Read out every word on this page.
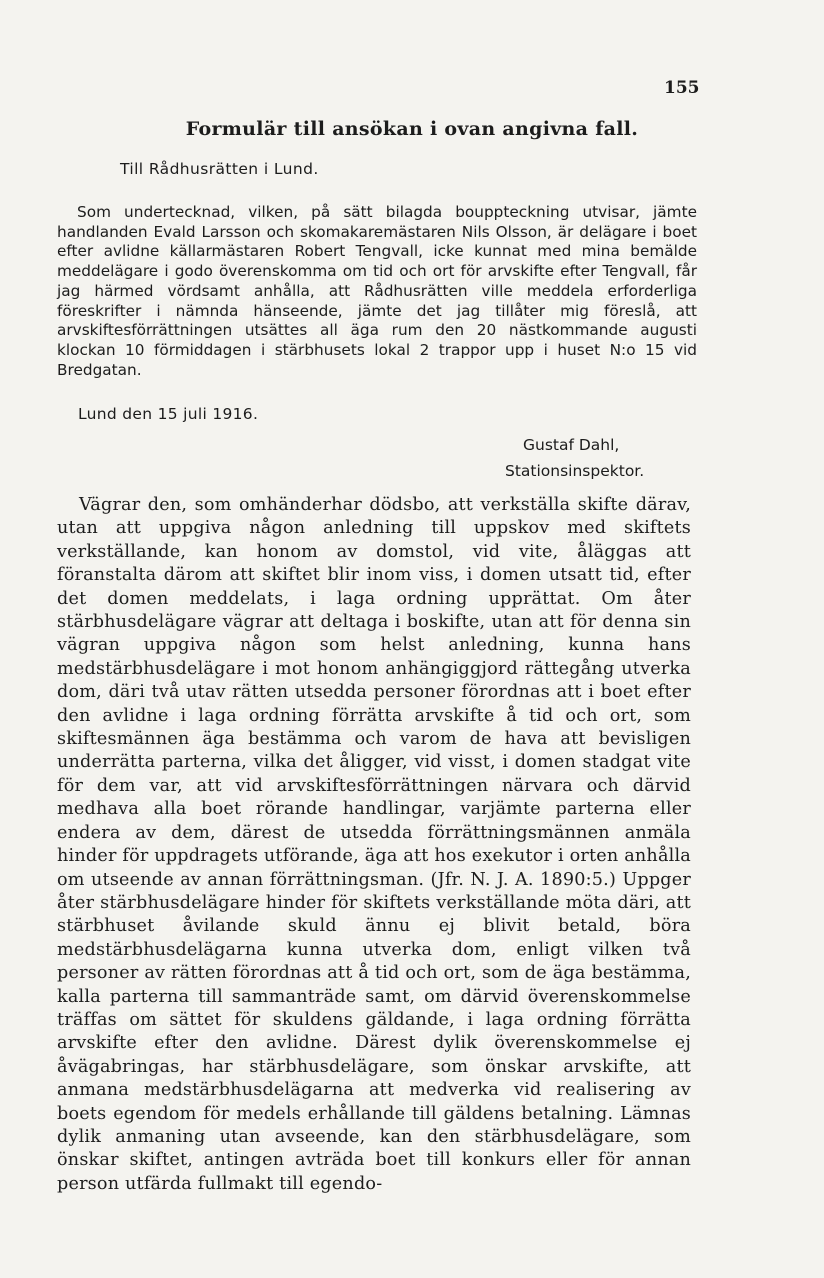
155
Formulär till ansökan i ovan angivna fall.
Till Rådhusrätten i Lund.

Som undertecknad, vilken, på sätt bilagda bouppteckning utvisar, jämte handlanden Evald Larsson och skomakaremästaren Nils Olsson, är delägare i boet efter avlidne källarmästaren Robert Tengvall, icke kunnat med mina bemälde meddelägare i godo överenskomma om tid och ort för arvskifte efter Tengvall, får jag härmed vördsamt anhålla, att Rådhusrätten ville meddela erforderliga föreskrifter i nämnda hänseende, jämte det jag tillåter mig föreslå, att arvskiftesförrättningen utsättes all äga rum den 20 nästkommande augusti klockan 10 förmiddagen i stärbhusets lokal 2 trappor upp i huset N:o 15 vid Bredgatan.

Lund den 15 juli 1916.
Gustaf Dahl,
Stationsinspektor.

Vägrar den, som omhänderhar dödsbo, att verkställa skifte därav, utan att uppgiva någon anledning till uppskov med skiftets verkställande, kan honom av domstol, vid vite, åläggas att föranstalta därom att skiftet blir inom viss, i domen utsatt tid, efter det domen meddelats, i laga ordning upprättat. Om åter stärbhusdelägare vägrar att deltaga i boskifte, utan att för denna sin vägran uppgiva någon som helst anledning, kunna hans medstärbhusdelägare i mot honom anhängiggjord rättegång utverka dom, däri två utav rätten utsedda personer förordnas att i boet efter den avlidne i laga ordning förrätta arvskifte å tid och ort, som skiftesmännen äga bestämma och varom de hava att bevisligen underrätta parterna, vilka det åligger, vid visst, i domen stadgat vite för dem var, att vid arvskiftesförrättningen närvara och därvid medhava alla boet rörande handlingar, varjämte parterna eller endera av dem, därest de utsedda förrättningsmännen anmäla hinder för uppdragets utförande, äga att hos exekutor i orten anhålla om utseende av annan förrättningsman. (Jfr. N. J. A. 1890:5.) Uppger åter stärbhusdelägare hinder för skiftets verkställande möta däri, att stärbhuset åvilande skuld ännu ej blivit betald, böra medstärbhusdelägarna kunna utverka dom, enligt vilken två personer av rätten förordnas att å tid och ort, som de äga bestämma, kalla parterna till sammanträde samt, om därvid överenskommelse träffas om sättet för skuldens gäldande, i laga ordning förrätta arvskifte efter den avlidne. Därest dylik överenskommelse ej åvägabringas, har stärbhusdelägare, som önskar arvskifte, att anmana medstärbhusdelägarna att medverka vid realisering av boets egendom för medels erhållande till gäldens betalning. Lämnas dylik anmaning utan avseende, kan den stärbhusdelägare, som önskar skiftet, antingen avträda boet till konkurs eller för annan person utfärda fullmakt till egendo-
